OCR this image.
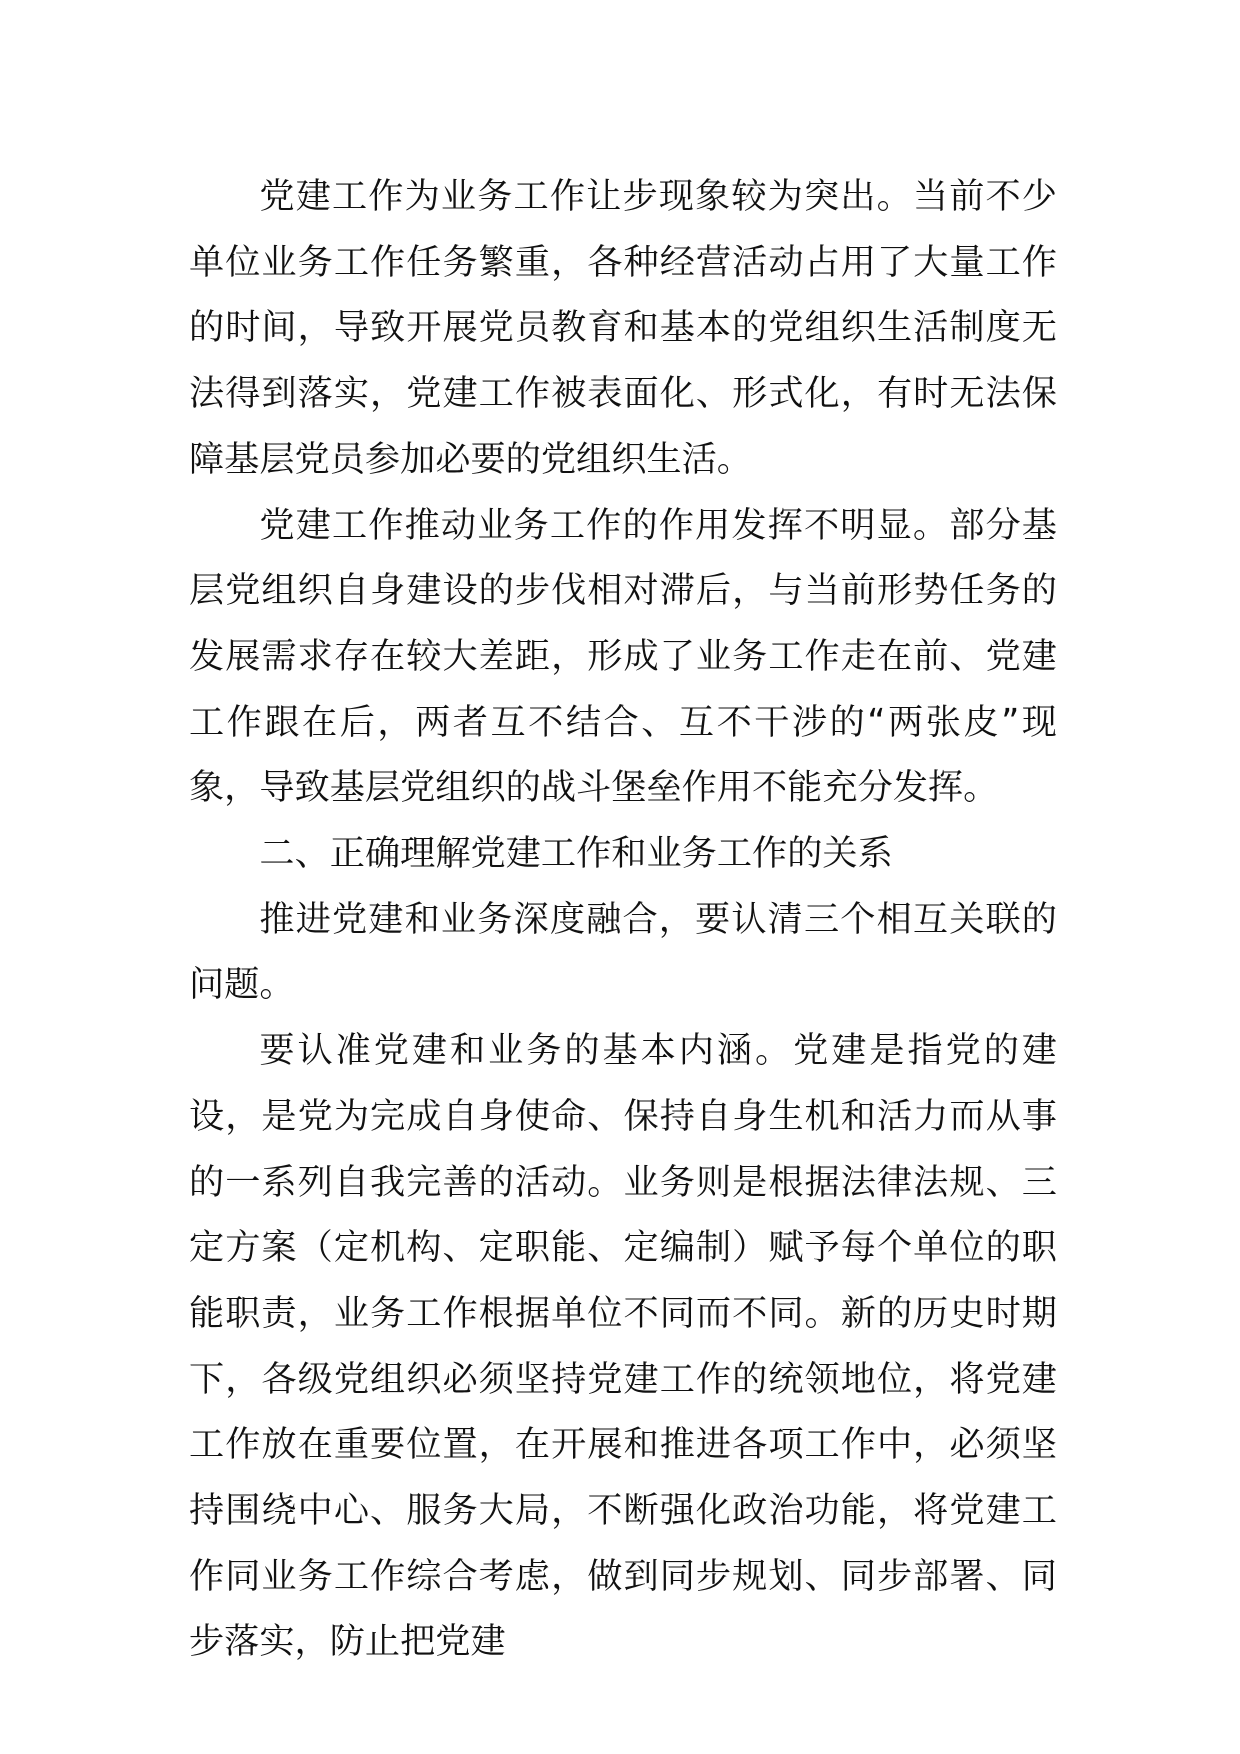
党建工作为业务工作让步现象较为突出。当前不少单位业务工作任务繁重，各种经营活动占用了大量工作的时间，导致开展党员教育和基本的党组织生活制度无法得到落实，党建工作被表面化、形式化，有时无法保障基层党员参加必要的党组织生活。

党建工作推动业务工作的作用发挥不明显。部分基层党组织自身建设的步伐相对滞后，与当前形势任务的发展需求存在较大差距，形成了业务工作走在前、党建工作跟在后，两者互不结合、互不干涉的“两张皮”现象，导致基层党组织的战斗堡垒作用不能充分发挥。

二、正确理解党建工作和业务工作的关系

推进党建和业务深度融合，要认清三个相互关联的问题。

要认准党建和业务的基本内涵。党建是指党的建设，是党为完成自身使命、保持自身生机和活力而从事的一系列自我完善的活动。业务则是根据法律法规、三定方案（定机构、定职能、定编制）赋予每个单位的职能职责，业务工作根据单位不同而不同。新的历史时期下，各级党组织必须坚持党建工作的统领地位，将党建工作放在重要位置，在开展和推进各项工作中，必须坚持围绕中心、服务大局，不断强化政治功能，将党建工作同业务工作综合考虑，做到同步规划、同步部署、同步落实，防止把党建
